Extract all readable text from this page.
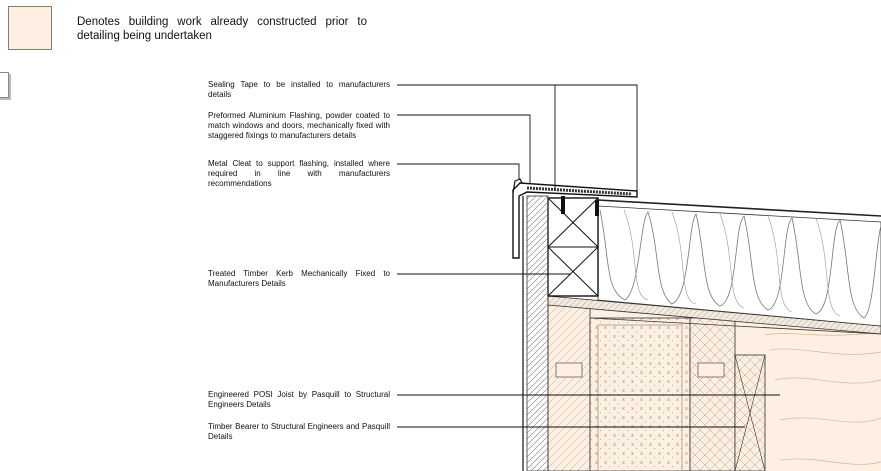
Denotes building work already constructed prior to detailing being undertaken
Sealing Tape to be installed to manufacturers details
Preformed Aluminium Flashing, powder coated to match windows and doors, mechanically fixed with staggered fixings to manufacturers details
Metal Cleat to support flashing, installed where required in line with manufacturers recommendations
Treated Timber Kerb Mechanically Fixed to Manufacturers Details
Engineered POSI Joist by Pasquill to Structural Engineers Details
Timber Bearer to Structural Engineers and Pasquill Details
